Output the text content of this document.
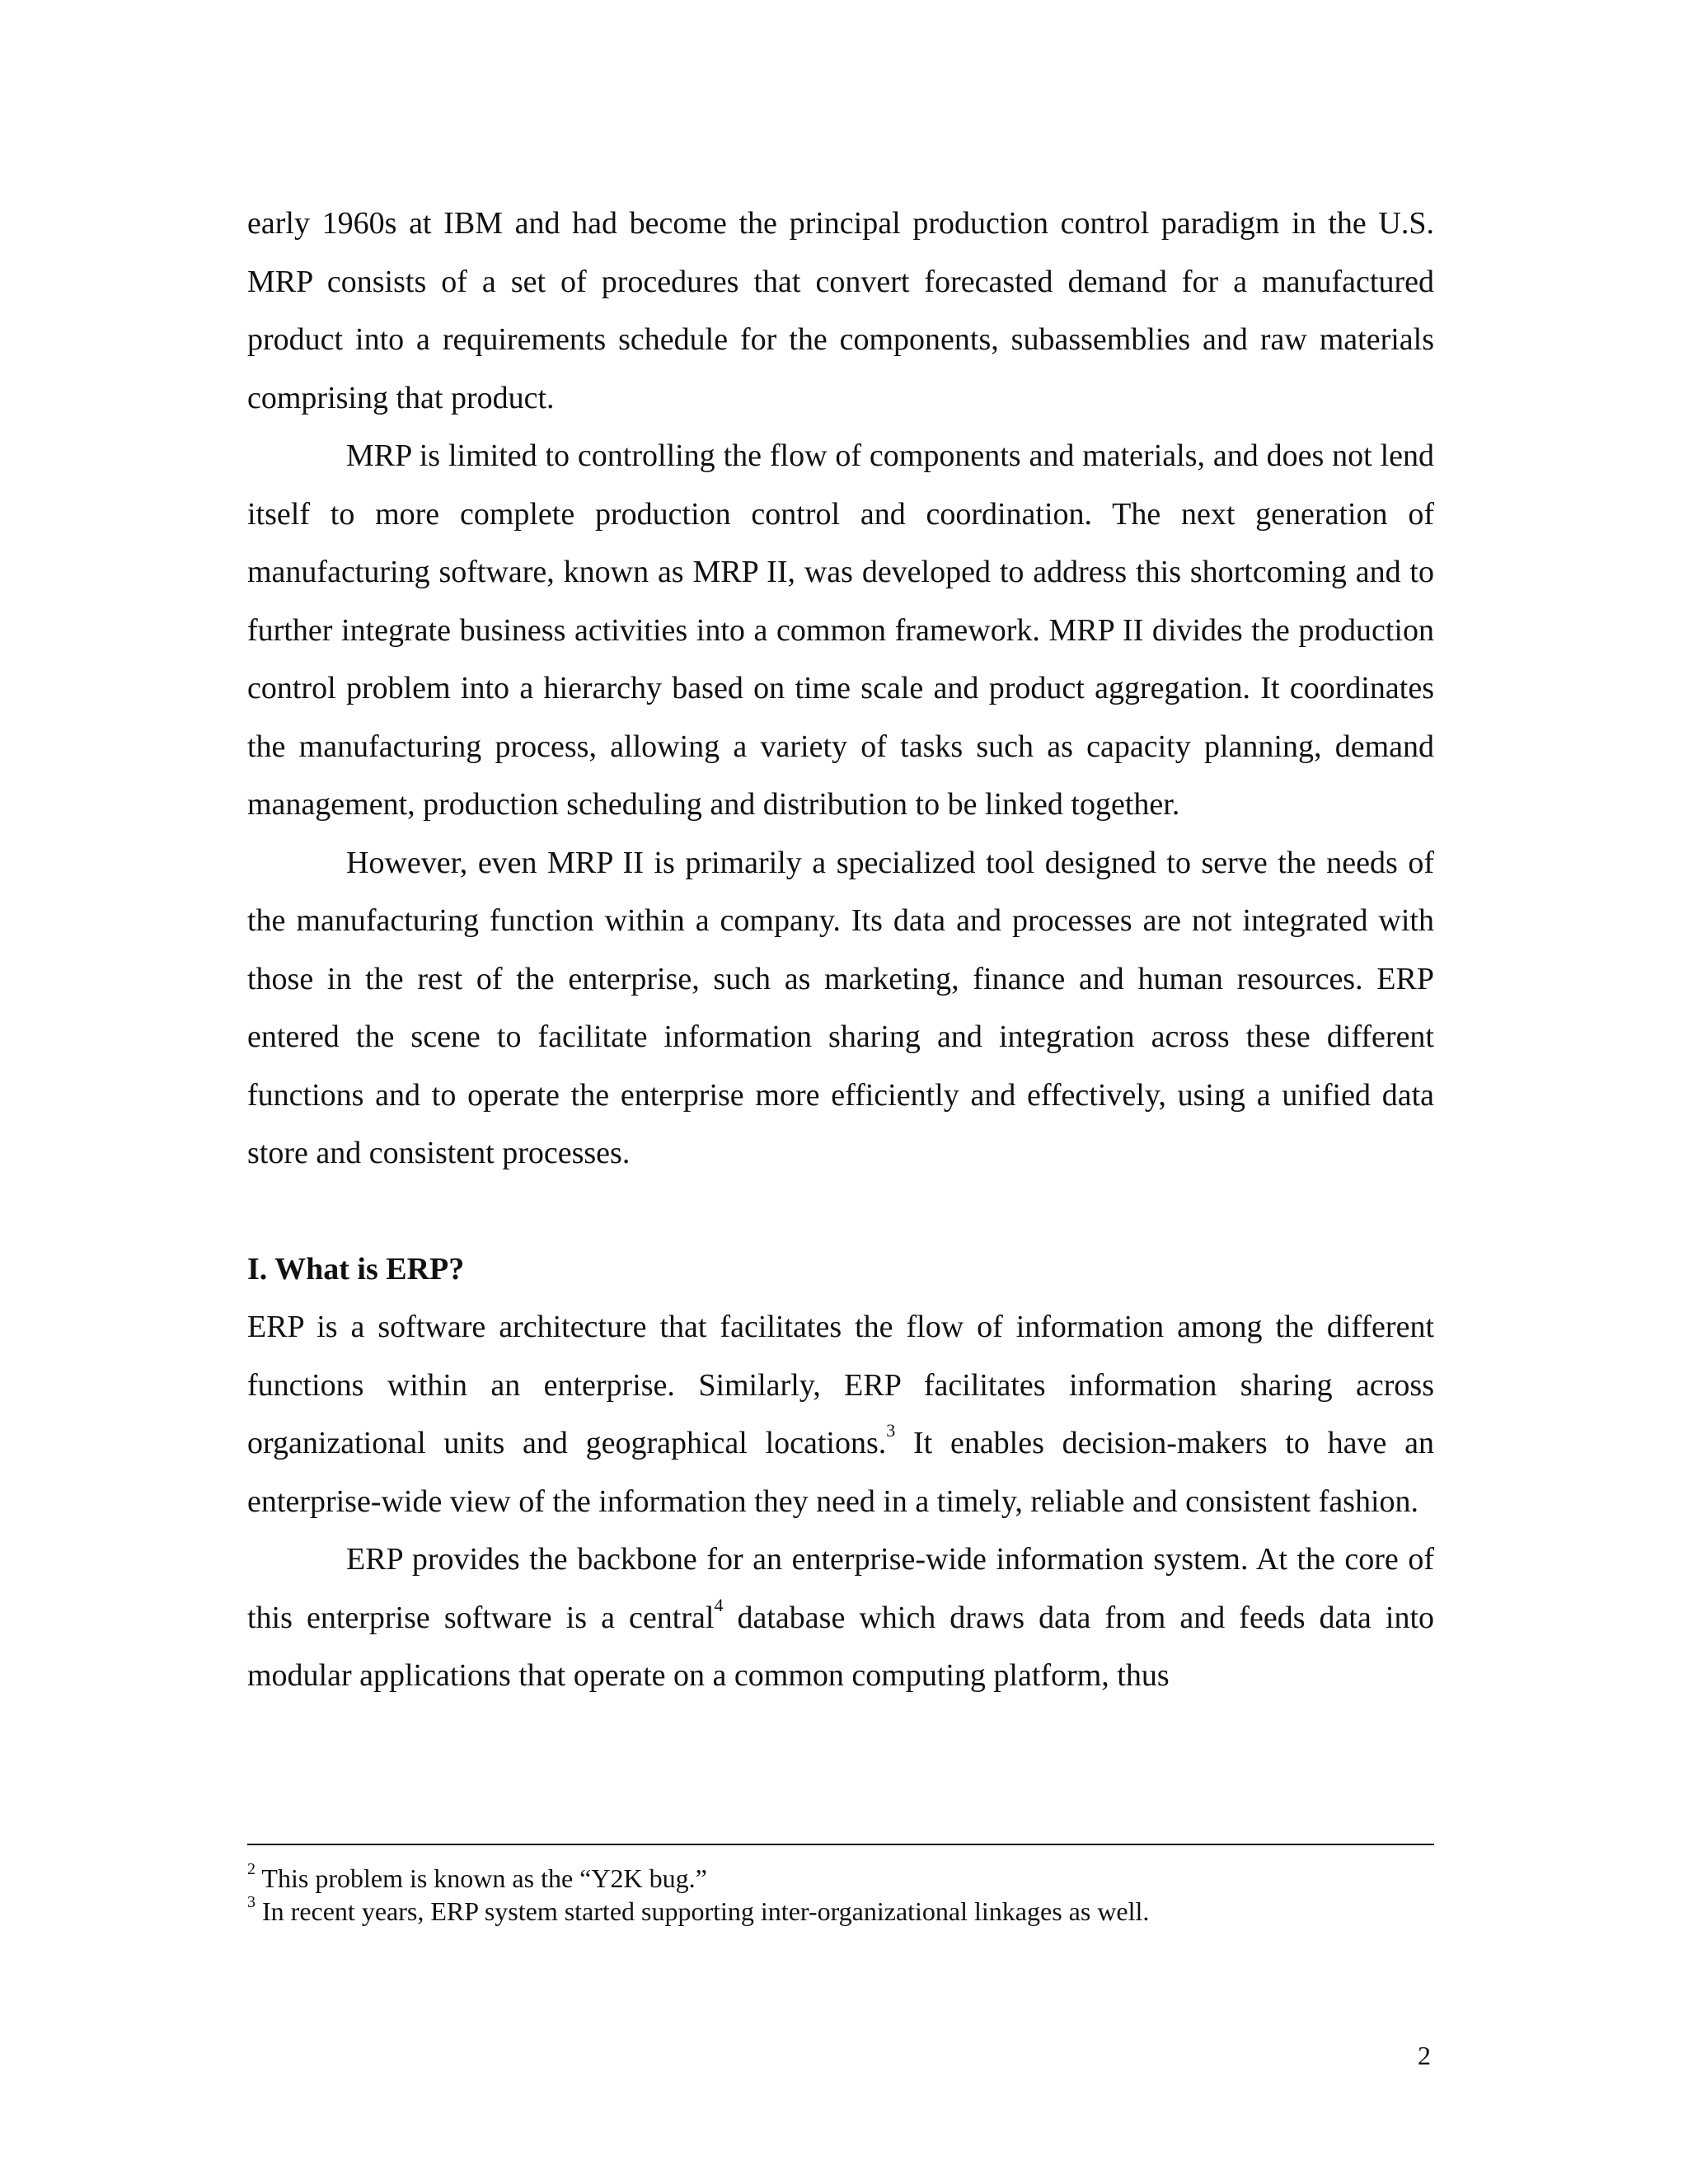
early 1960s at IBM and had become the principal production control paradigm in the U.S. MRP consists of a set of procedures that convert forecasted demand for a manufactured product into a requirements schedule for the components, subassemblies and raw materials comprising that product.

MRP is limited to controlling the flow of components and materials, and does not lend itself to more complete production control and coordination. The next generation of manufacturing software, known as MRP II, was developed to address this shortcoming and to further integrate business activities into a common framework. MRP II divides the production control problem into a hierarchy based on time scale and product aggregation. It coordinates the manufacturing process, allowing a variety of tasks such as capacity planning, demand management, production scheduling and distribution to be linked together.

However, even MRP II is primarily a specialized tool designed to serve the needs of the manufacturing function within a company. Its data and processes are not integrated with those in the rest of the enterprise, such as marketing, finance and human resources. ERP entered the scene to facilitate information sharing and integration across these different functions and to operate the enterprise more efficiently and effectively, using a unified data store and consistent processes.

I. What is ERP?

ERP is a software architecture that facilitates the flow of information among the different functions within an enterprise. Similarly, ERP facilitates information sharing across organizational units and geographical locations.$^3$ It enables decision-makers to have an enterprise-wide view of the information they need in a timely, reliable and consistent fashion.

ERP provides the backbone for an enterprise-wide information system. At the core of this enterprise software is a central$^4$ database which draws data from and feeds data into modular applications that operate on a common computing platform, thus

$^2$ This problem is known as the “Y2K bug.”

$^3$ In recent years, ERP system started supporting inter-organizational linkages as well.

2
